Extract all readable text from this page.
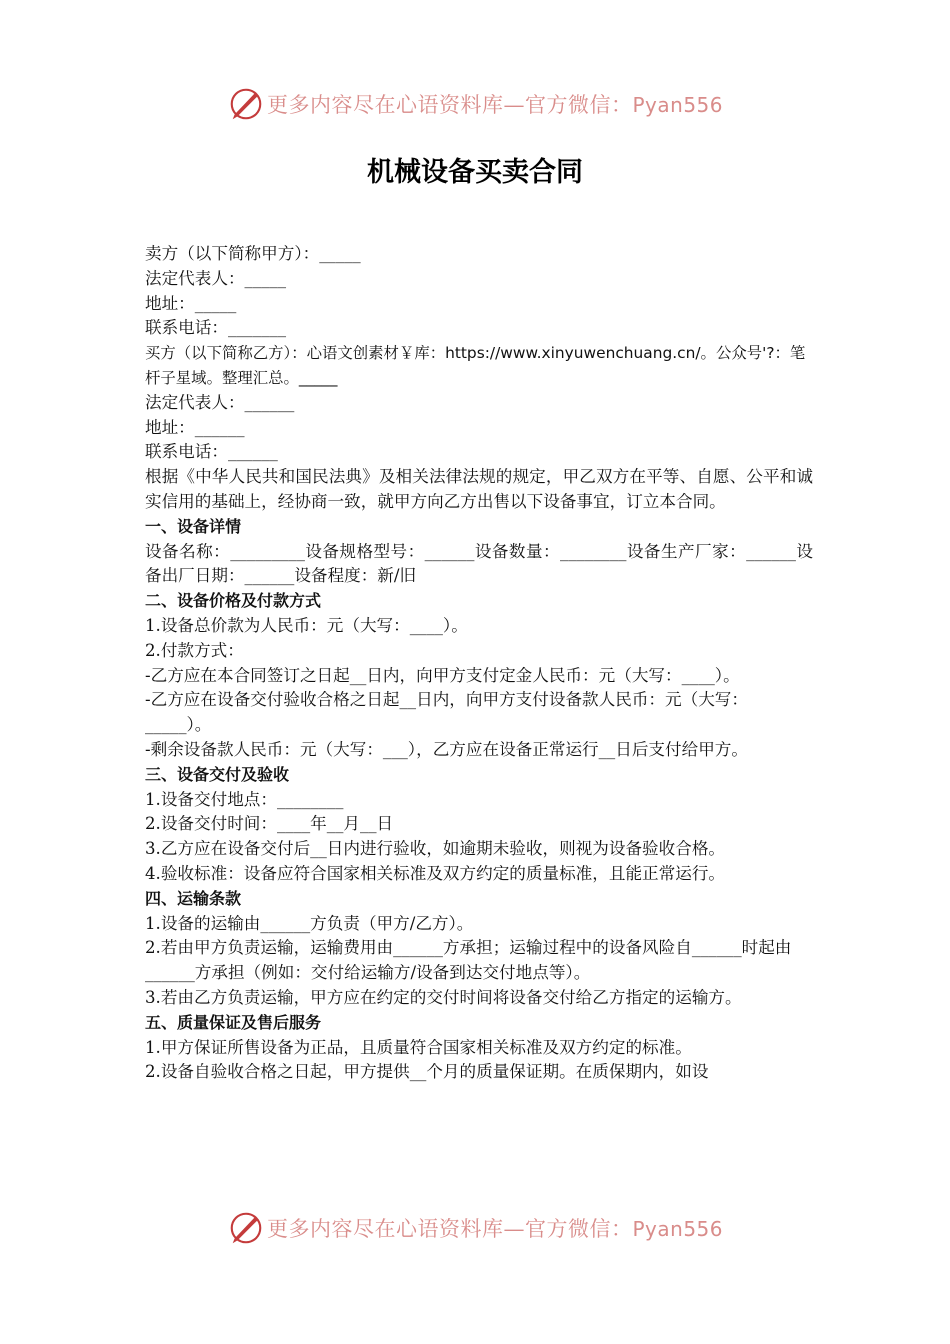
更多内容尽在心语资料库—官方微信：Pyan556
机械设备买卖合同

卖方（以下简称甲方）：_____

法定代表人：_____

地址：_____

联系电话：_______

买方（以下简称乙方）：心语文创素材￥库：https://www.xinyuwenchuang.cn/。公众号'?：笔杆子星域。整理汇总。_____

法定代表人：______

地址：______

联系电话：______

根据《中华人民共和国民法典》及相关法律法规的规定，甲乙双方在平等、自愿、公平和诚实信用的基础上，经协商一致，就甲方向乙方出售以下设备事宜，订立本合同。

一、设备详情

设备名称：_________设备规格型号：______设备数量：________设备生产厂家：______设备出厂日期：______设备程度：新/旧

二、设备价格及付款方式

1.设备总价款为人民币：元（大写：____）。

2.付款方式：

-乙方应在本合同签订之日起__日内，向甲方支付定金人民币：元（大写：____）。

-乙方应在设备交付验收合格之日起__日内，向甲方支付设备款人民币：元（大写：_____）。

-剩余设备款人民币：元（大写：___），乙方应在设备正常运行__日后支付给甲方。

三、设备交付及验收

1.设备交付地点：________

2.设备交付时间：____年__月__日

3.乙方应在设备交付后__日内进行验收，如逾期未验收，则视为设备验收合格。

4.验收标准：设备应符合国家相关标准及双方约定的质量标准，且能正常运行。

四、运输条款

1.设备的运输由______方负责（甲方/乙方）。

2.若由甲方负责运输，运输费用由______方承担；运输过程中的设备风险自______时起由______方承担（例如：交付给运输方/设备到达交付地点等）。

3.若由乙方负责运输，甲方应在约定的交付时间将设备交付给乙方指定的运输方。

五、质量保证及售后服务

1.甲方保证所售设备为正品，且质量符合国家相关标准及双方约定的标准。

2.设备自验收合格之日起，甲方提供__个月的质量保证期。在质保期内，如设

更多内容尽在心语资料库—官方微信：Pyan556
